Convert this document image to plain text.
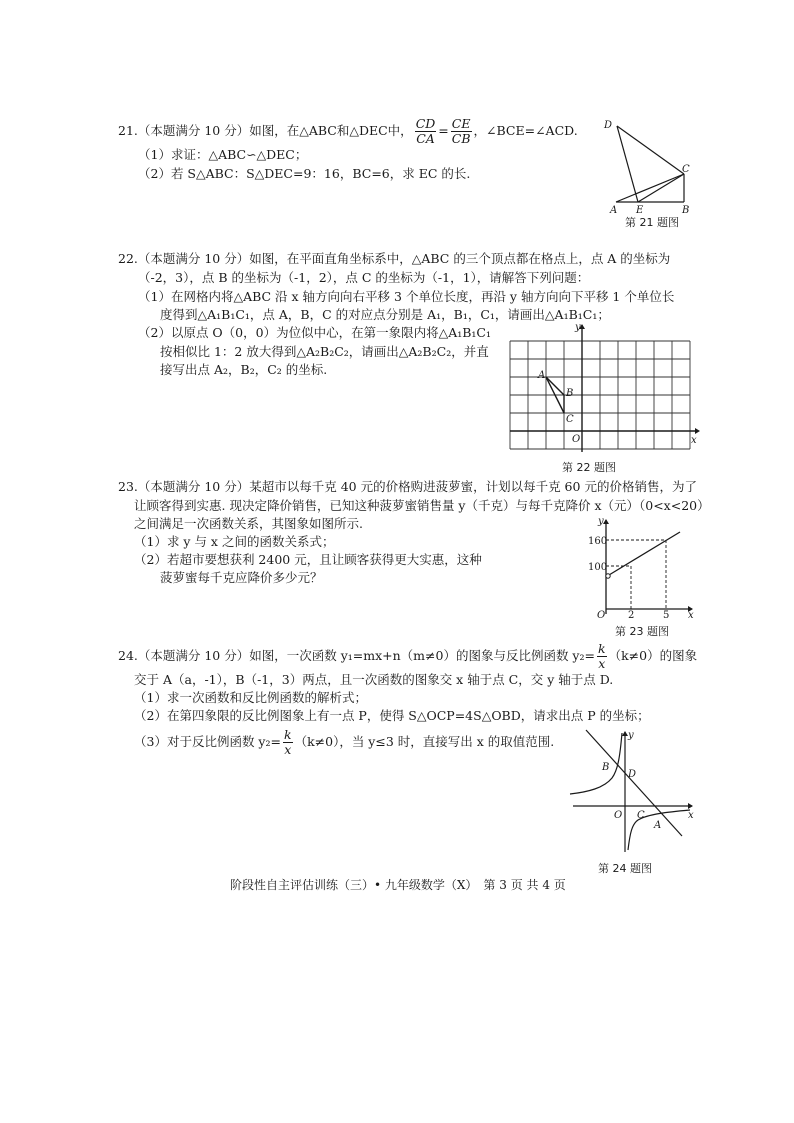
21.（本题满分 10 分）如图，在△ABC和△DEC中， $\frac{CD}{CA} = \frac{CE}{CB}$ ，∠BCE=∠ACD.
（1）求证：△ABC∽△DEC；
（2）若 S△ABC：S△DEC=9：16，BC=6，求 EC 的长.
D
C
A E	B
第 21 题图
22.（本题满分 10 分）如图，在平面直角坐标系中，△ABC 的三个顶点都在格点上，点 A 的坐标为
（-2，3），点 B 的坐标为（-1，2），点 C 的坐标为（-1，1），请解答下列问题：
（1）在网格内将△ABC 沿 x 轴方向向右平移 3 个单位长度，再沿 y 轴方向向下平移 1 个单位长
度得到△A₁B₁C₁，点 A，B，C 的对应点分别是 A₁，B₁，C₁，请画出△A₁B₁C₁；
（2）以原点 O（0，0）为位似中心，在第一象限内将△A₁B₁C₁
按相似比 1：2 放大得到△A₂B₂C₂，请画出△A₂B₂C₂，并直
接写出点 A₂，B₂，C₂ 的坐标.	A
B
C
O	x
y
第 22 题图
23.（本题满分 10 分）某超市以每千克 40 元的价格购进菠萝蜜，计划以每千克 60 元的价格销售，为了
让顾客得到实惠. 现决定降价销售，已知这种菠萝蜜销售量 y（千克）与每千克降价 x（元）（0<x<20）
之间满足一次函数关系，其图象如图所示.
（1）求 y 与 x 之间的函数关系式；
（2）若超市要想获利 2400 元，且让顾客获得更大实惠，这种
菠萝蜜每千克应降价多少元？
160
100
2	5
O	x
y
第 23 题图
24.（本题满分 10 分）如图，一次函数 y₁=mx+n（m≠0）的图象与反比例函数 $y_2= \frac{k}{x} (k\ne 0)$的图象
交于 A（a，-1），B（-1，3）两点，且一次函数的图象交 x 轴于点 C，交 y 轴于点 D.
（1）求一次函数和反比例函数的解析式；
（2）在第四象限的反比例图象上有一点 P，使得 S△OCP=4S△OBD，请求出点 P 的坐标；
（3）对于反比例函数 $y_2= \frac{k}{x} (k\ne 0)$，当 y≤3 时，直接写出 x 的取值范围.
B
D
C
A
O	x
y
第 24 题图
阶段性自主评估训练（三）• 九年级数学（X）　第 3 页 共 4 页
